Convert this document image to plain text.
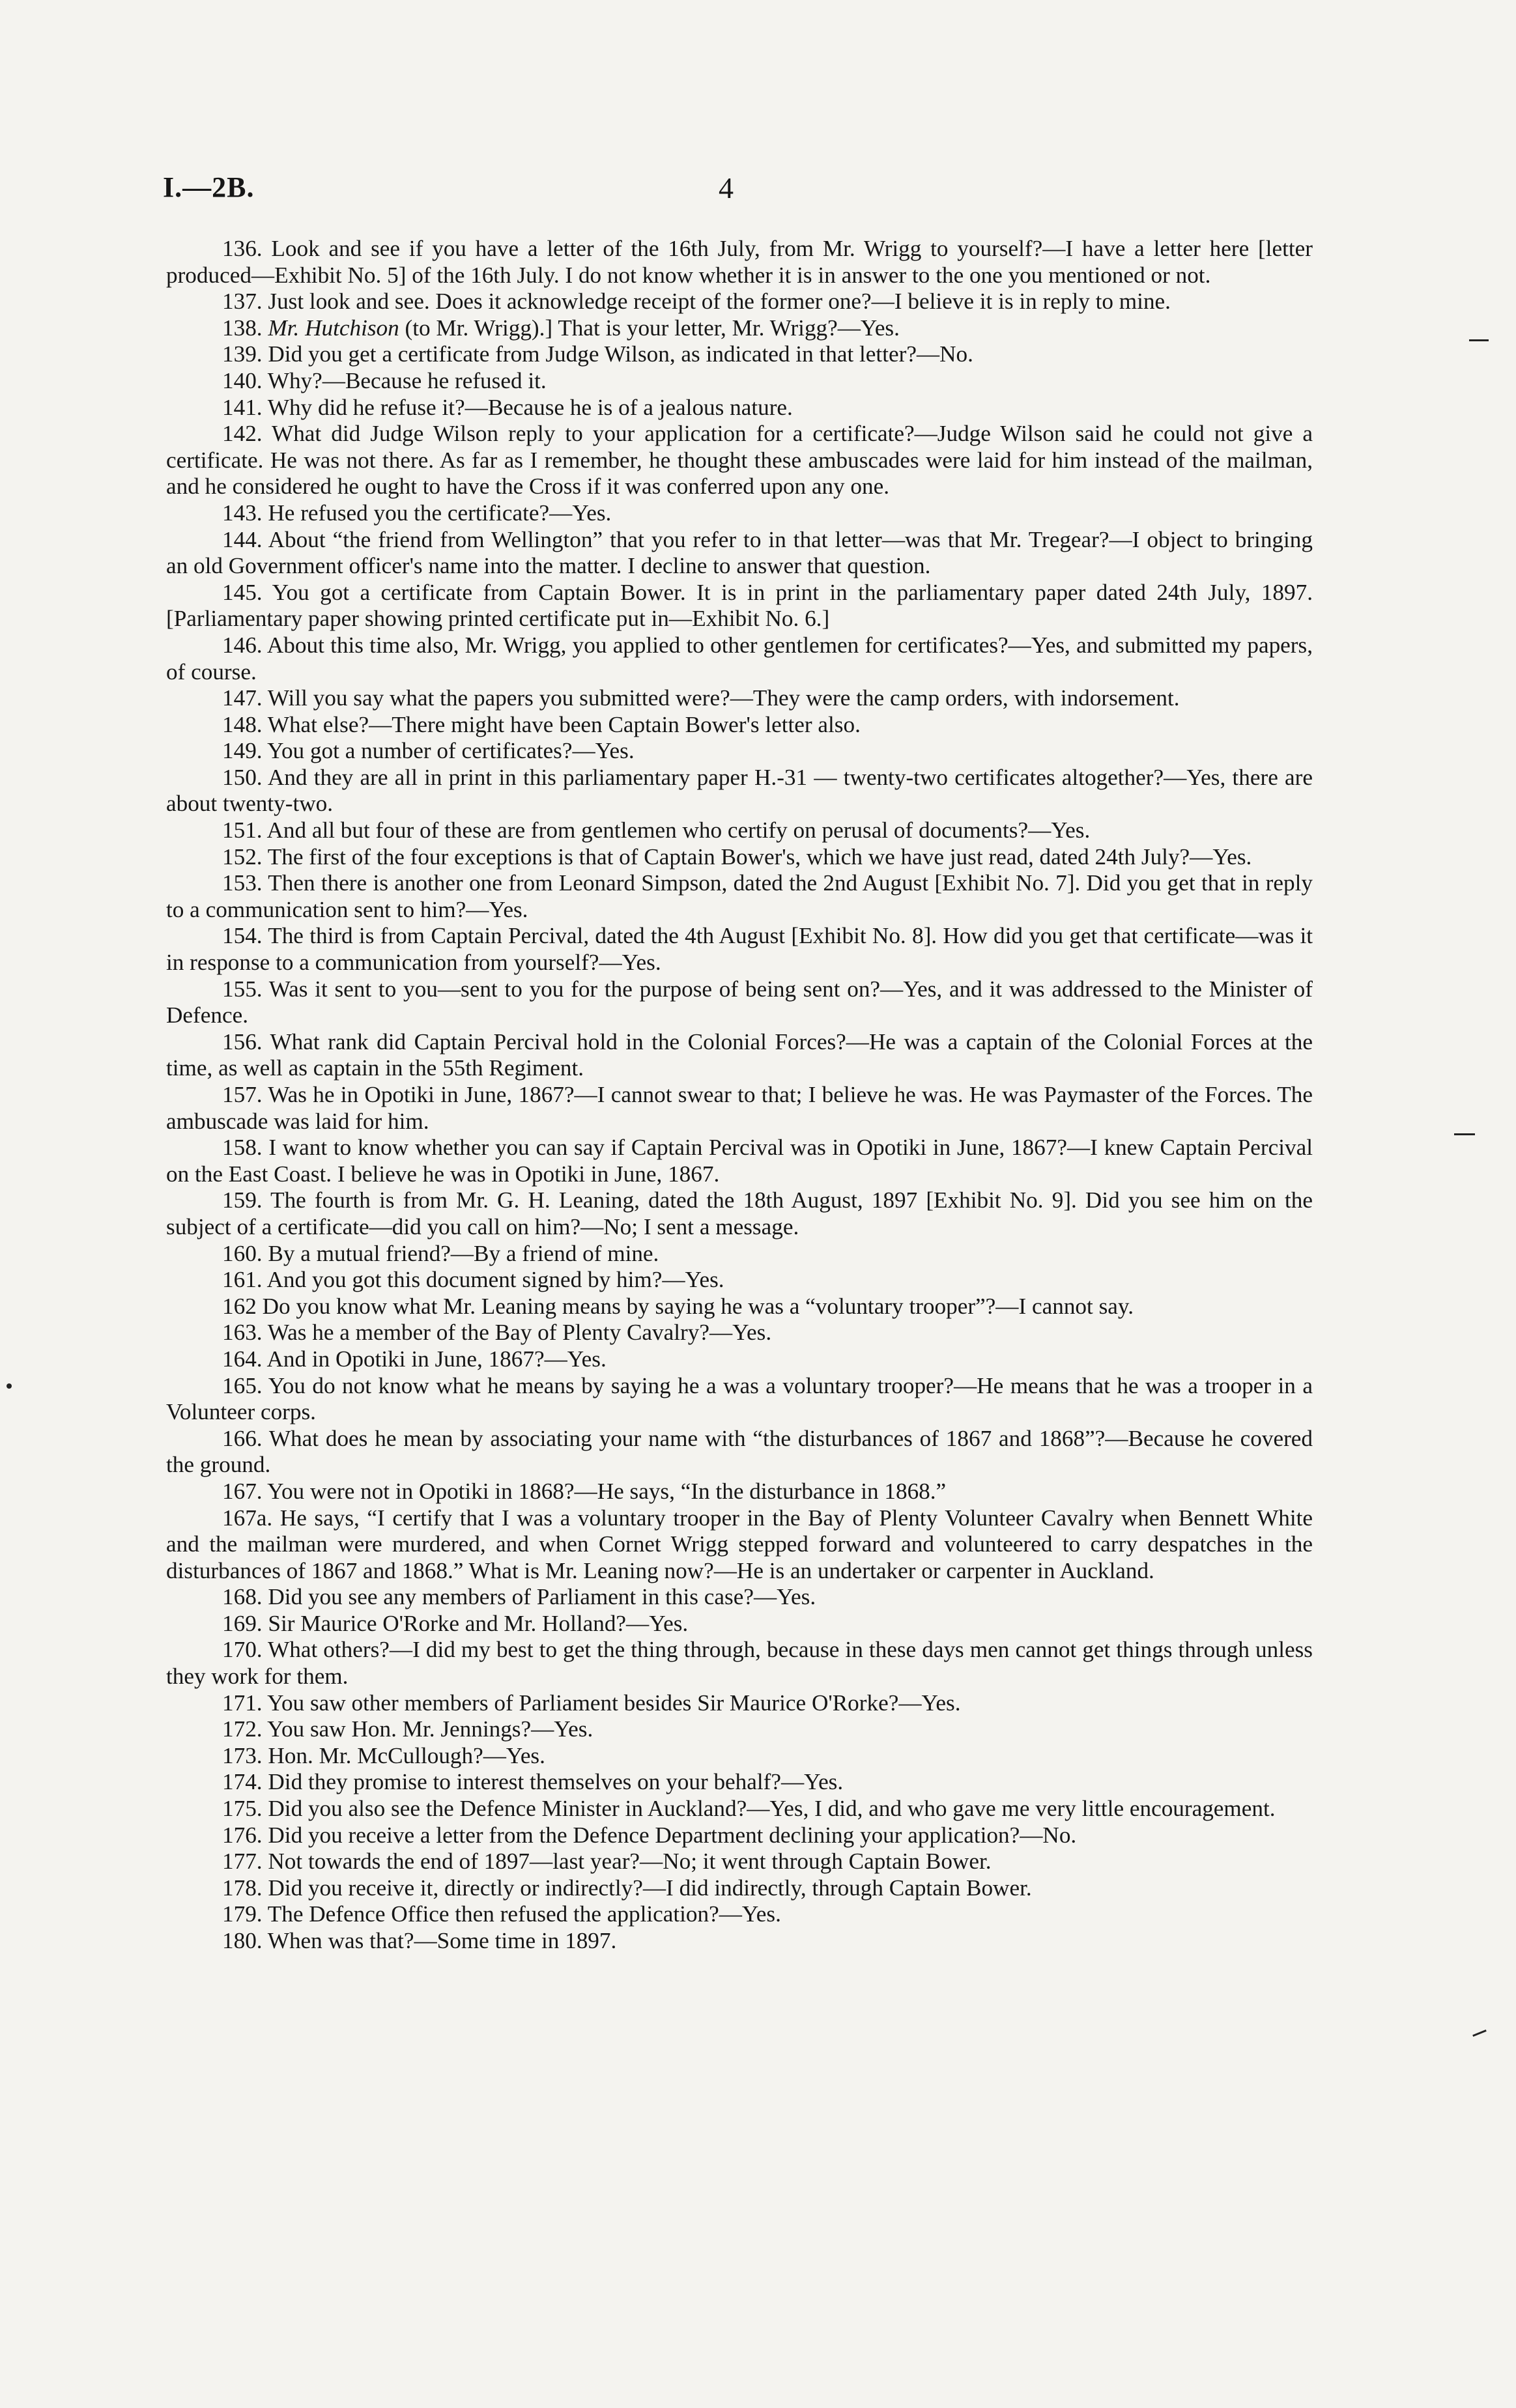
I.—2B.	4

136. Look and see if you have a letter of the 16th July, from Mr. Wrigg to yourself?—I have a letter here [letter produced—Exhibit No. 5] of the 16th July. I do not know whether it is in answer to the one you mentioned or not.

137. Just look and see. Does it acknowledge receipt of the former one?—I believe it is in reply to mine.

138. Mr. Hutchison (to Mr. Wrigg).] That is your letter, Mr. Wrigg?—Yes.

139. Did you get a certificate from Judge Wilson, as indicated in that letter?—No.

140. Why?—Because he refused it.

141. Why did he refuse it?—Because he is of a jealous nature.

142. What did Judge Wilson reply to your application for a certificate?—Judge Wilson said he could not give a certificate. He was not there. As far as I remember, he thought these ambuscades were laid for him instead of the mailman, and he considered he ought to have the Cross if it was conferred upon any one.

143. He refused you the certificate?—Yes.

144. About “the friend from Wellington” that you refer to in that letter—was that Mr. Tregear?—I object to bringing an old Government officer's name into the matter. I decline to answer that question.

145. You got a certificate from Captain Bower. It is in print in the parliamentary paper dated 24th July, 1897. [Parliamentary paper showing printed certificate put in—Exhibit No. 6.]

146. About this time also, Mr. Wrigg, you applied to other gentlemen for certificates?—Yes, and submitted my papers, of course.

147. Will you say what the papers you submitted were?—They were the camp orders, with indorsement.

148. What else?—There might have been Captain Bower's letter also.

149. You got a number of certificates?—Yes.

150. And they are all in print in this parliamentary paper H.-31 — twenty-two certificates altogether?—Yes, there are about twenty-two.

151. And all but four of these are from gentlemen who certify on perusal of documents?—Yes.

152. The first of the four exceptions is that of Captain Bower's, which we have just read, dated 24th July?—Yes.

153. Then there is another one from Leonard Simpson, dated the 2nd August [Exhibit No. 7]. Did you get that in reply to a communication sent to him?—Yes.

154. The third is from Captain Percival, dated the 4th August [Exhibit No. 8]. How did you get that certificate—was it in response to a communication from yourself?—Yes.

155. Was it sent to you—sent to you for the purpose of being sent on?—Yes, and it was addressed to the Minister of Defence.

156. What rank did Captain Percival hold in the Colonial Forces?—He was a captain of the Colonial Forces at the time, as well as captain in the 55th Regiment.

157. Was he in Opotiki in June, 1867?—I cannot swear to that; I believe he was. He was Paymaster of the Forces. The ambuscade was laid for him.

158. I want to know whether you can say if Captain Percival was in Opotiki in June, 1867?—I knew Captain Percival on the East Coast. I believe he was in Opotiki in June, 1867.

159. The fourth is from Mr. G. H. Leaning, dated the 18th August, 1897 [Exhibit No. 9]. Did you see him on the subject of a certificate—did you call on him?—No; I sent a message.

160. By a mutual friend?—By a friend of mine.

161. And you got this document signed by him?—Yes.

162 Do you know what Mr. Leaning means by saying he was a “voluntary trooper”?—I cannot say.

163. Was he a member of the Bay of Plenty Cavalry?—Yes.

164. And in Opotiki in June, 1867?—Yes.

165. You do not know what he means by saying he a was a voluntary trooper?—He means that he was a trooper in a Volunteer corps.

166. What does he mean by associating your name with “the disturbances of 1867 and 1868”?—Because he covered the ground.

167. You were not in Opotiki in 1868?—He says, “In the disturbance in 1868.”

167a. He says, “I certify that I was a voluntary trooper in the Bay of Plenty Volunteer Cavalry when Bennett White and the mailman were murdered, and when Cornet Wrigg stepped forward and volunteered to carry despatches in the disturbances of 1867 and 1868.” What is Mr. Leaning now?—He is an undertaker or carpenter in Auckland.

168. Did you see any members of Parliament in this case?—Yes.

169. Sir Maurice O'Rorke and Mr. Holland?—Yes.

170. What others?—I did my best to get the thing through, because in these days men cannot get things through unless they work for them.

171. You saw other members of Parliament besides Sir Maurice O'Rorke?—Yes.

172. You saw Hon. Mr. Jennings?—Yes.

173. Hon. Mr. McCullough?—Yes.

174. Did they promise to interest themselves on your behalf?—Yes.

175. Did you also see the Defence Minister in Auckland?—Yes, I did, and who gave me very little encouragement.

176. Did you receive a letter from the Defence Department declining your application?—No.

177. Not towards the end of 1897—last year?—No; it went through Captain Bower.

178. Did you receive it, directly or indirectly?—I did indirectly, through Captain Bower.

179. The Defence Office then refused the application?—Yes.

180. When was that?—Some time in 1897.
